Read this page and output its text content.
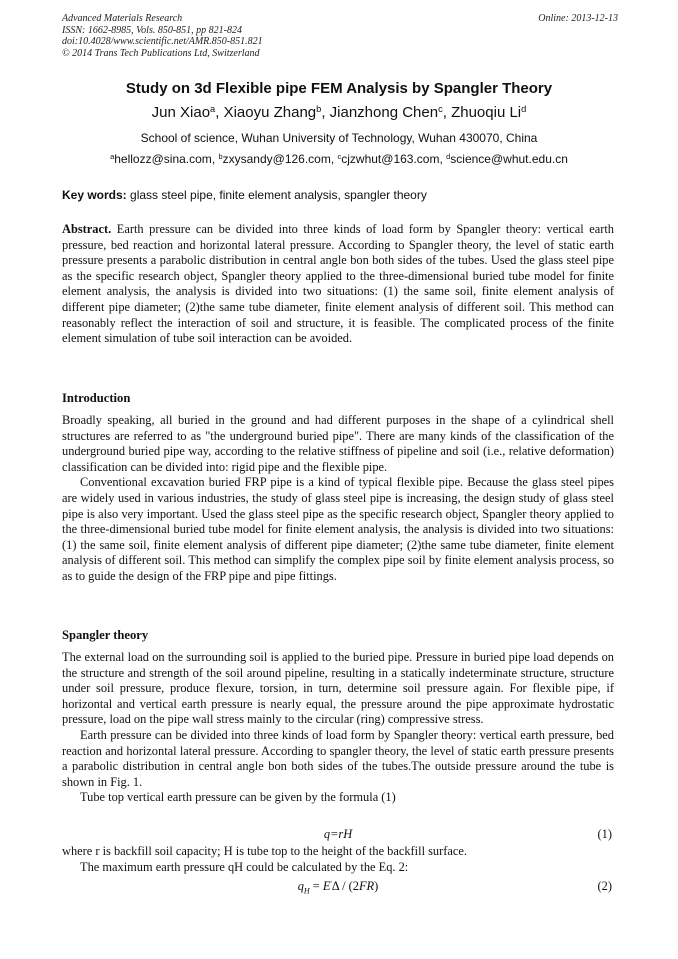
Advanced Materials Research
ISSN: 1662-8985, Vols. 850-851, pp 821-824
doi:10.4028/www.scientific.net/AMR.850-851.821
© 2014 Trans Tech Publications Ltd, Switzerland
Online: 2013-12-13
Study on 3d Flexible pipe FEM Analysis by Spangler Theory
Jun Xiao$^a$, Xiaoyu Zhang$^b$, Jianzhong Chen$^c$, Zhuoqiu Li$^d$
School of science, Wuhan University of Technology, Wuhan 430070, China
$^a$hellozz@sina.com, $^b$zxysandy@126.com, $^c$cjzwhut@163.com, $^d$science@whut.edu.cn
Key words: glass steel pipe, finite element analysis, spangler theory

Abstract. Earth pressure can be divided into three kinds of load form by Spangler theory: vertical earth pressure, bed reaction and horizontal lateral pressure. According to Spangler theory, the level of static earth pressure presents a parabolic distribution in central angle bon both sides of the tubes. Used the glass steel pipe as the specific research object, Spangler theory applied to the three-dimensional buried tube model for finite element analysis, the analysis is divided into two situations: (1) the same soil, finite element analysis of different pipe diameter; (2)the same tube diameter, finite element analysis of different soil. This method can reasonably reflect the interaction of soil and structure, it is feasible. The complicated process of the finite element simulation of tube soil interaction can be avoided.

Introduction

Broadly speaking, all buried in the ground and had different purposes in the shape of a cylindrical shell structures are referred to as "the underground buried pipe". There are many kinds of the classification of the underground buried pipe way, according to the relative stiffness of pipeline and soil (i.e., relative deformation) classification can be divided into: rigid pipe and the flexible pipe.

Conventional excavation buried FRP pipe is a kind of typical flexible pipe. Because the glass steel pipes are widely used in various industries, the study of glass steel pipe is increasing, the design study of glass steel pipe is also very important. Used the glass steel pipe as the specific research object, Spangler theory applied to the three-dimensional buried tube model for finite element analysis, the analysis is divided into two situations: (1) the same soil, finite element analysis of different pipe diameter; (2)the same tube diameter, finite element analysis of different soil. This method can simplify the complex pipe soil by finite element analysis process, so as to guide the design of the FRP pipe and pipe fittings.

Spangler theory

The external load on the surrounding soil is applied to the buried pipe. Pressure in buried pipe load depends on the structure and strength of the soil around pipeline, resulting in a statically indeterminate structure, structure under soil pressure, produce flexure, torsion, in turn, determine soil pressure again. For flexible pipe, if horizontal and vertical earth pressure is nearly equal, the pressure around the pipe approximate hydrostatic pressure, load on the pipe wall stress mainly to the circular (ring) compressive stress.

Earth pressure can be divided into three kinds of load form by Spangler theory: vertical earth pressure, bed reaction and horizontal lateral pressure. According to spangler theory, the level of static earth pressure presents a parabolic distribution in central angle bon both sides of the tubes.The outside pressure around the tube is shown in Fig. 1.

Tube top vertical earth pressure can be given by the formula (1)

q=rH	(1)

where r is backfill soil capacity; H is tube top to the height of the backfill surface.

The maximum earth pressure qH could be calculated by the Eq. 2:

$q_H = E'\Delta / (2FR)$	(2)
